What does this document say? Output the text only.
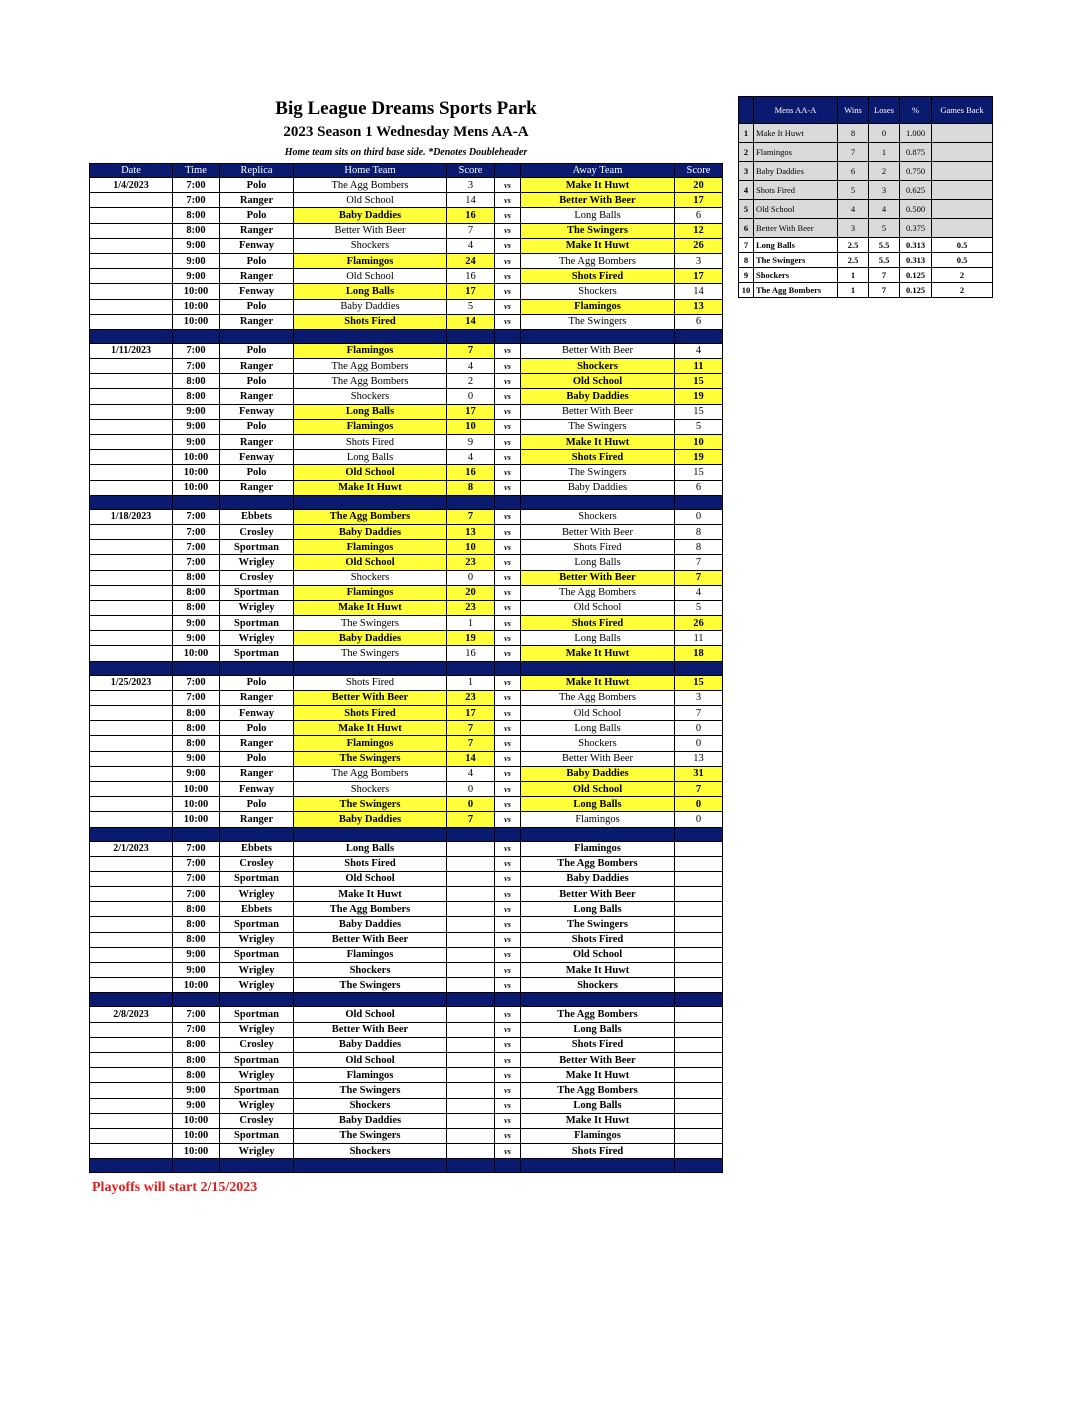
Big League Dreams Sports Park
2023 Season 1 Wednesday Mens AA-A
Home team sits on third base side. *Denotes Doubleheader
Date	Time	Replica	Home Team	Score		Away Team	Score
1/4/2023	7:00	Polo	The Agg Bombers	3	vs	Make It Huwt	20
	7:00	Ranger	Old School	14	vs	Better With Beer	17
	8:00	Polo	Baby Daddies	16	vs	Long Balls	6
	8:00	Ranger	Better With Beer	7	vs	The Swingers	12
	9:00	Fenway	Shockers	4	vs	Make It Huwt	26
	9:00	Polo	Flamingos	24	vs	The Agg Bombers	3
	9:00	Ranger	Old School	16	vs	Shots Fired	17
	10:00	Fenway	Long Balls	17	vs	Shockers	14
	10:00	Polo	Baby Daddies	5	vs	Flamingos	13
	10:00	Ranger	Shots Fired	14	vs	The Swingers	6

1/11/2023	7:00	Polo	Flamingos	7	vs	Better With Beer	4
	7:00	Ranger	The Agg Bombers	4	vs	Shockers	11
	8:00	Polo	The Agg Bombers	2	vs	Old School	15
	8:00	Ranger	Shockers	0	vs	Baby Daddies	19
	9:00	Fenway	Long Balls	17	vs	Better With Beer	15
	9:00	Polo	Flamingos	10	vs	The Swingers	5
	9:00	Ranger	Shots Fired	9	vs	Make It Huwt	10
	10:00	Fenway	Long Balls	4	vs	Shots Fired	19
	10:00	Polo	Old School	16	vs	The Swingers	15
	10:00	Ranger	Make It Huwt	8	vs	Baby Daddies	6

1/18/2023	7:00	Ebbets	The Agg Bombers	7	vs	Shockers	0
	7:00	Crosley	Baby Daddies	13	vs	Better With Beer	8
	7:00	Sportman	Flamingos	10	vs	Shots Fired	8
	7:00	Wrigley	Old School	23	vs	Long Balls	7
	8:00	Crosley	Shockers	0	vs	Better With Beer	7
	8:00	Sportman	Flamingos	20	vs	The Agg Bombers	4
	8:00	Wrigley	Make It Huwt	23	vs	Old School	5
	9:00	Sportman	The Swingers	1	vs	Shots Fired	26
	9:00	Wrigley	Baby Daddies	19	vs	Long Balls	11
	10:00	Sportman	The Swingers	16	vs	Make It Huwt	18

1/25/2023	7:00	Polo	Shots Fired	1	vs	Make It Huwt	15
	7:00	Ranger	Better With Beer	23	vs	The Agg Bombers	3
	8:00	Fenway	Shots Fired	17	vs	Old School	7
	8:00	Polo	Make It Huwt	7	vs	Long Balls	0
	8:00	Ranger	Flamingos	7	vs	Shockers	0
	9:00	Polo	The Swingers	14	vs	Better With Beer	13
	9:00	Ranger	The Agg Bombers	4	vs	Baby Daddies	31
	10:00	Fenway	Shockers	0	vs	Old School	7
	10:00	Polo	The Swingers	0	vs	Long Balls	0
	10:00	Ranger	Baby Daddies	7	vs	Flamingos	0

2/1/2023	7:00	Ebbets	Long Balls		vs	Flamingos	
	7:00	Crosley	Shots Fired		vs	The Agg Bombers	
	7:00	Sportman	Old School		vs	Baby Daddies	
	7:00	Wrigley	Make It Huwt		vs	Better With Beer	
	8:00	Ebbets	The Agg Bombers		vs	Long Balls	
	8:00	Sportman	Baby Daddies		vs	The Swingers	
	8:00	Wrigley	Better With Beer		vs	Shots Fired	
	9:00	Sportman	Flamingos		vs	Old School	
	9:00	Wrigley	Shockers		vs	Make It Huwt	
	10:00	Wrigley	The Swingers		vs	Shockers	

2/8/2023	7:00	Sportman	Old School		vs	The Agg Bombers	
	7:00	Wrigley	Better With Beer		vs	Long Balls	
	8:00	Crosley	Baby Daddies		vs	Shots Fired	
	8:00	Sportman	Old School		vs	Better With Beer	
	8:00	Wrigley	Flamingos		vs	Make It Huwt	
	9:00	Sportman	The Swingers		vs	The Agg Bombers	
	9:00	Wrigley	Shockers		vs	Long Balls	
	10:00	Crosley	Baby Daddies		vs	Make It Huwt	
	10:00	Sportman	The Swingers		vs	Flamingos	
	10:00	Wrigley	Shockers		vs	Shots Fired	

	Mens AA-A	Wins	Loses	%	Games Back
1	Make It Huwt	8	0	1.000	
2	Flamingos	7	1	0.875	
3	Baby Daddies	6	2	0.750	
4	Shots Fired	5	3	0.625	
5	Old School	4	4	0.500	
6	Better With Beer	3	5	0.375	
7	Long Balls	2.5	5.5	0.313	0.5
8	The Swingers	2.5	5.5	0.313	0.5
9	Shockers	1	7	0.125	2
10	The Agg Bombers	1	7	0.125	2
Playoffs will start 2/15/2023
